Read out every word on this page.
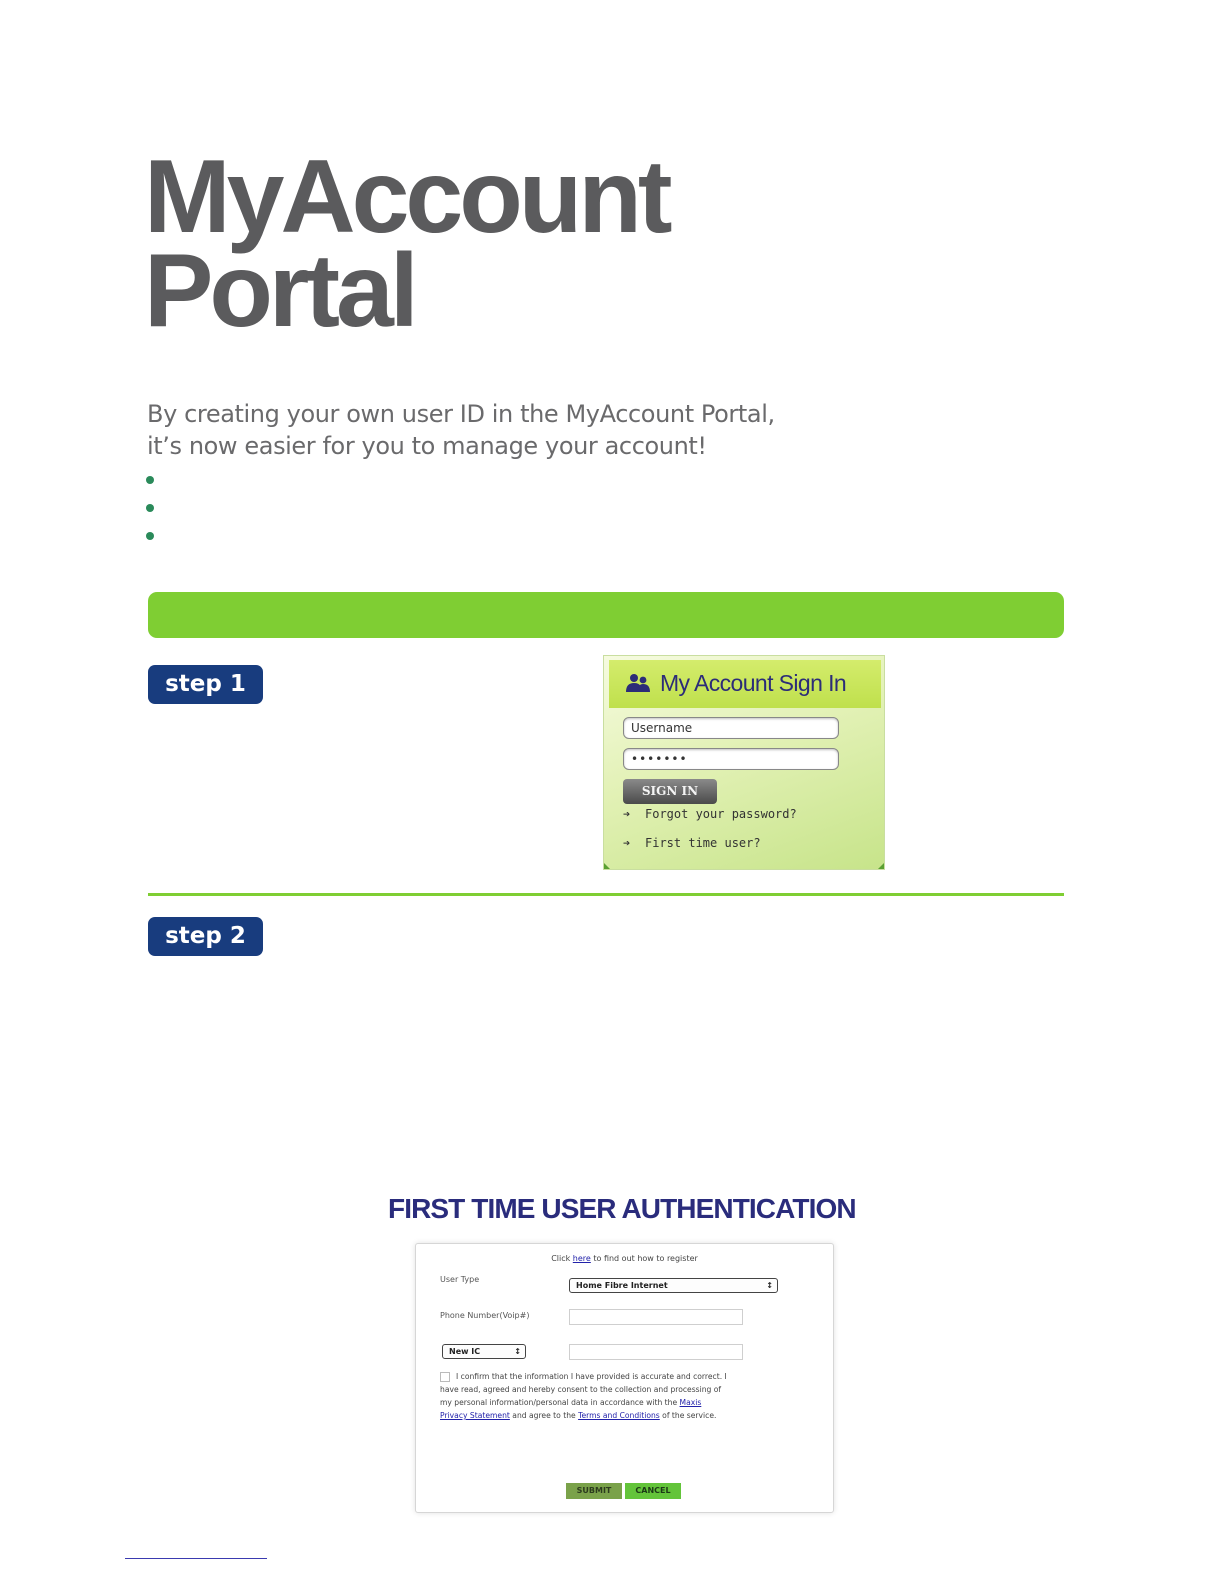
MyAccount
Portal

By creating your own user ID in the MyAccount Portal,
it’s now easier for you to manage your account!

step 1	My Account Sign In
Username
•••••••
SIGN IN
➔ Forgot your password?
➔ First time user?
step 2
FIRST TIME USER AUTHENTICATION
Click here to find out how to register
User Type
Home Fibre Internet ↕
Phone Number(Voip#)
New IC ↕
I confirm that the information I have provided is accurate and correct. I have read, agreed and hereby consent to the collection and processing of my personal information/personal data in accordance with the Maxis Privacy Statement and agree to the Terms and Conditions of the service.
SUBMIT	CANCEL
